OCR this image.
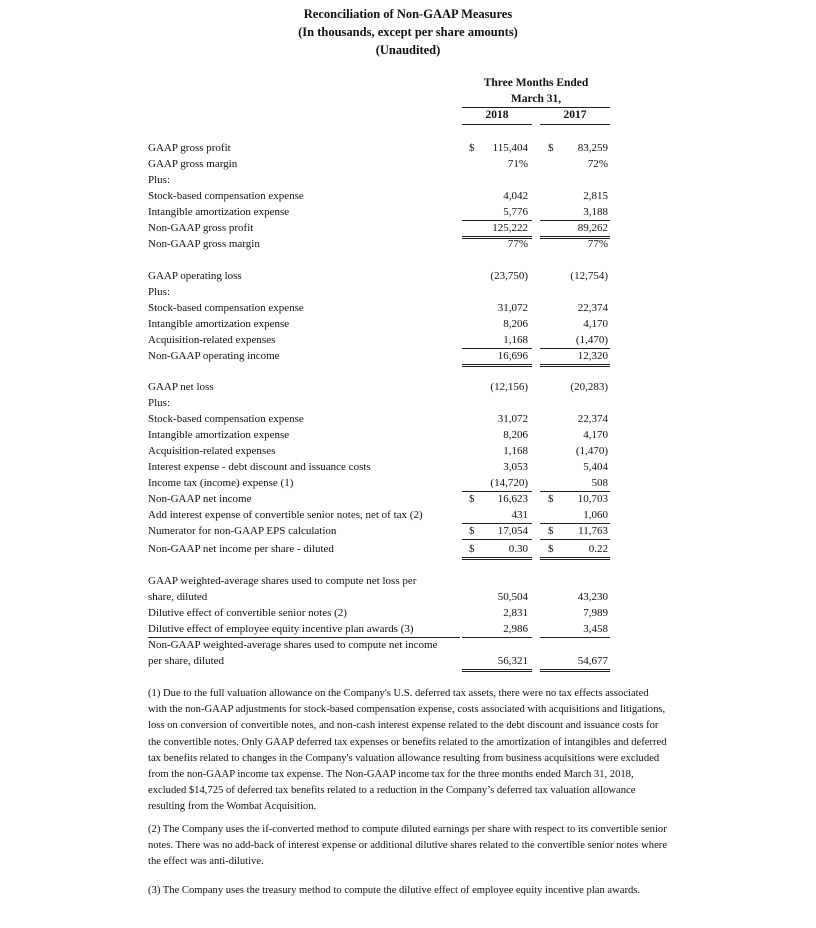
Reconciliation of Non-GAAP Measures
(In thousands, except per share amounts)
(Unaudited)
Three Months Ended
March 31,
2018	2017
GAAP gross profit	$	115,404 $	83,259
GAAP gross margin	71%	72%
Plus:
Stock-based compensation expense	4,042	2,815
Intangible amortization expense	5,776	3,188
Non-GAAP gross profit	125,222	89,262
Non-GAAP gross margin	77%	77%
GAAP operating loss	(23,750)	(12,754)
Plus:
Stock-based compensation expense	31,072	22,374
Intangible amortization expense	8,206	4,170
Acquisition-related expenses	1,168	(1,470)
Non-GAAP operating income	16,696	12,320
GAAP net loss	(12,156)	(20,283)
Plus:
Stock-based compensation expense	31,072	22,374
Intangible amortization expense	8,206	4,170
Acquisition-related expenses	1,168	(1,470)
Interest expense - debt discount and issuance costs	3,053	5,404
Income tax (income) expense (1)	(14,720)	508
Non-GAAP net income	$	16,623 $	10,703
Add interest expense of convertible senior notes, net of tax (2)	431	1,060
Numerator for non-GAAP EPS calculation	$	17,054 $	11,763
Non-GAAP net income per share - diluted	$	0.30 $	0.22
GAAP weighted-average shares used to compute net loss per
share, diluted	50,504	43,230
Dilutive effect of convertible senior notes (2)	2,831	7,989
Dilutive effect of employee equity incentive plan awards (3)	2,986	3,458
Non-GAAP weighted-average shares used to compute net income
per share, diluted	56,321	54,677

(1) Due to the full valuation allowance on the Company's U.S. deferred tax assets, there were no tax effects associated with the non-GAAP adjustments for stock-based compensation expense, costs associated with acquisitions and litigations, loss on conversion of convertible notes, and non-cash interest expense related to the debt discount and issuance costs for the convertible notes. Only GAAP deferred tax expenses or benefits related to the amortization of intangibles and deferred tax benefits related to changes in the Company's valuation allowance resulting from business acquisitions were excluded from the non-GAAP income tax expense. The Non-GAAP income tax for the three months ended March 31, 2018, excluded $14,725 of deferred tax benefits related to a reduction in the Company’s deferred tax valuation allowance resulting from the Wombat Acquisition.

(2) The Company uses the if-converted method to compute diluted earnings per share with respect to its convertible senior notes. There was no add-back of interest expense or additional dilutive shares related to the convertible senior notes where the effect was anti-dilutive.

(3) The Company uses the treasury method to compute the dilutive effect of employee equity incentive plan awards.
